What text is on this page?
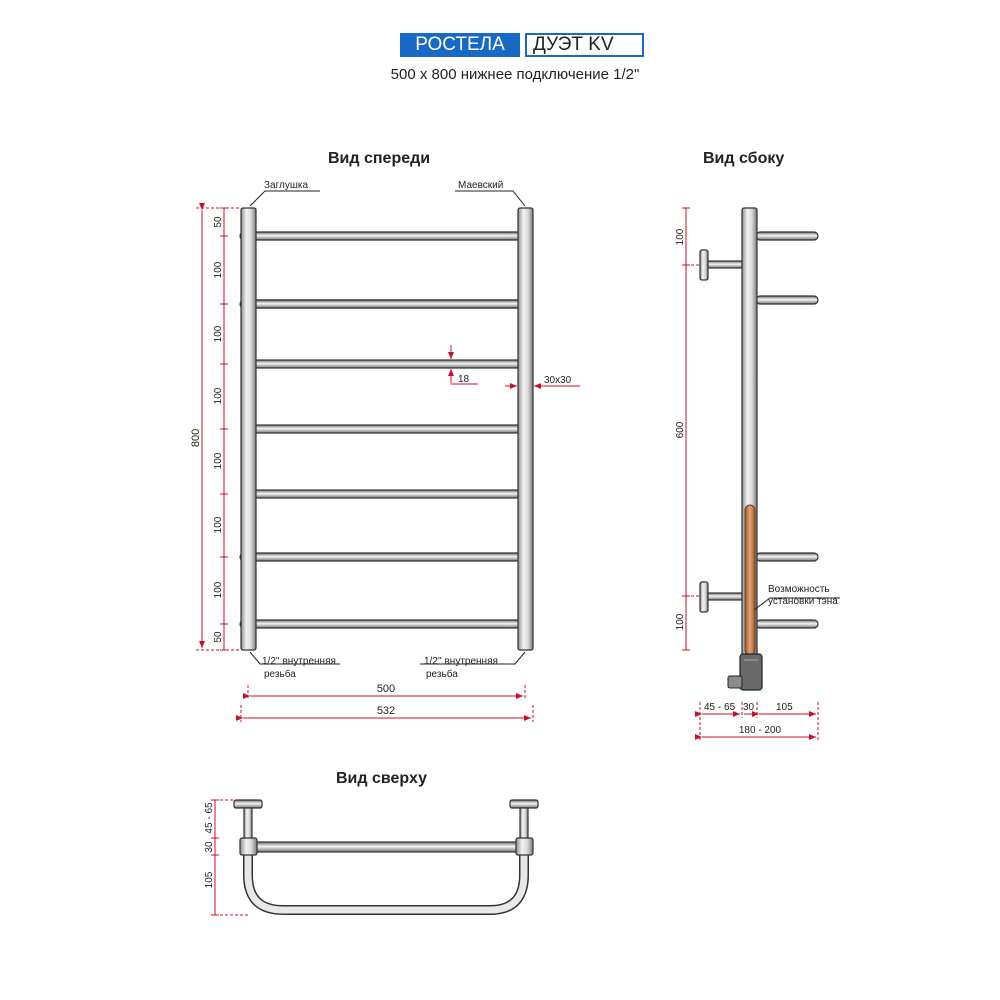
РОСТЕЛА	ДУЭТ KV
500 x 800 нижнее подключение 1/2"
Вид спереди	Вид сбоку
Вид сверху
Заглушка	Маевский
1/2'' внутренняя
резьба
1/2'' внутренняя
резьба
800
50
100
100
100
100
100
100
50
18	30x30
500
532
Возможность
установки тэна
100
600
100
45 - 65 30 105
180 - 200
45 - 65
30
105
